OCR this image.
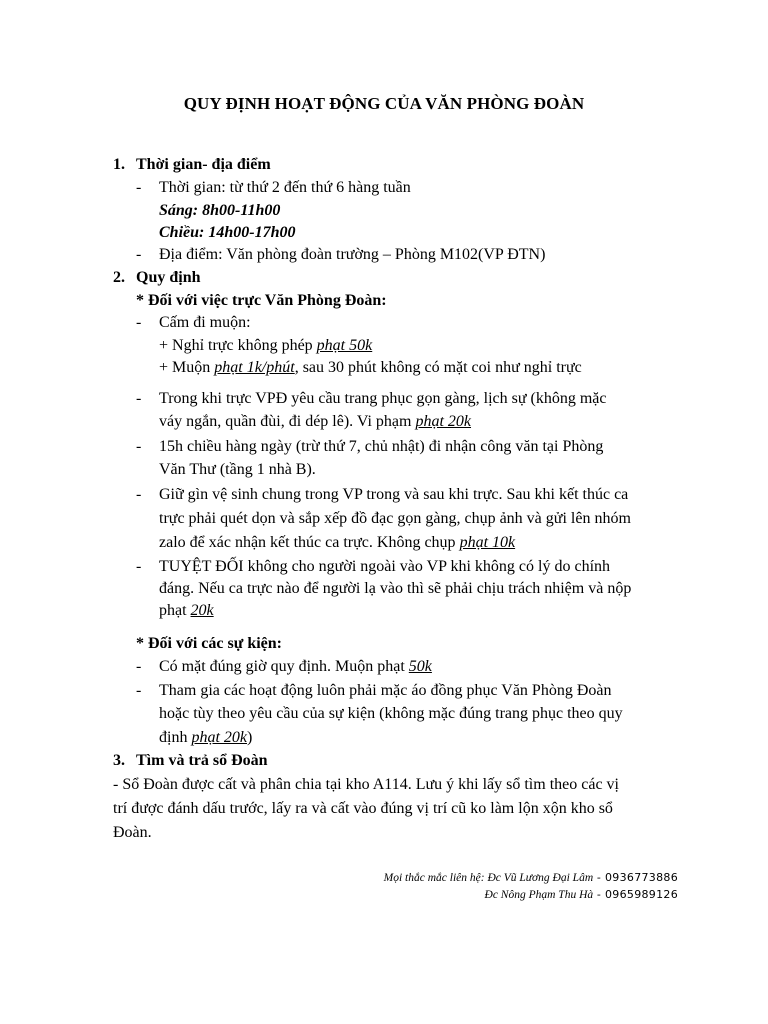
QUY ĐỊNH HOẠT ĐỘNG CỦA VĂN PHÒNG ĐOÀN
1. Thời gian- địa điểm
- Thời gian: từ thứ 2 đến thứ 6 hàng tuần
Sáng: 8h00-11h00
Chiều: 14h00-17h00
- Địa điểm: Văn phòng đoàn trường – Phòng M102(VP ĐTN)
2. Quy định
* Đối với việc trực Văn Phòng Đoàn:
- Cấm đi muộn:
+ Nghỉ trực không phép phạt 50k
+ Muộn phạt 1k/phút, sau 30 phút không có mặt coi như nghỉ trực
- Trong khi trực VPĐ yêu cầu trang phục gọn gàng, lịch sự (không mặc
váy ngắn, quần đùi, đi dép lê). Vi phạm phạt 20k
- 15h chiều hàng ngày (trừ thứ 7, chủ nhật) đi nhận công văn tại Phòng
Văn Thư (tầng 1 nhà B).
- Giữ gìn vệ sinh chung trong VP trong và sau khi trực. Sau khi kết thúc ca
trực phải quét dọn và sắp xếp đồ đạc gọn gàng, chụp ảnh và gửi lên nhóm
zalo để xác nhận kết thúc ca trực. Không chụp phạt 10k
- TUYỆT ĐỐI không cho người ngoài vào VP khi không có lý do chính
đáng. Nếu ca trực nào để người lạ vào thì sẽ phải chịu trách nhiệm và nộp
phạt 20k
* Đối với các sự kiện:
- Có mặt đúng giờ quy định. Muộn phạt 50k
- Tham gia các hoạt động luôn phải mặc áo đồng phục Văn Phòng Đoàn
hoặc tùy theo yêu cầu của sự kiện (không mặc đúng trang phục theo quy
định phạt 20k)
3. Tìm và trả sổ Đoàn
- Sổ Đoàn được cất và phân chia tại kho A114. Lưu ý khi lấy sổ tìm theo các vị
trí được đánh dấu trước, lấy ra và cất vào đúng vị trí cũ ko làm lộn xộn kho sổ
Đoàn.
Mọi thắc mắc liên hệ: Đc Vũ Lương Đại Lâm - 0936773886
Đc Nông Phạm Thu Hà - 0965989126
